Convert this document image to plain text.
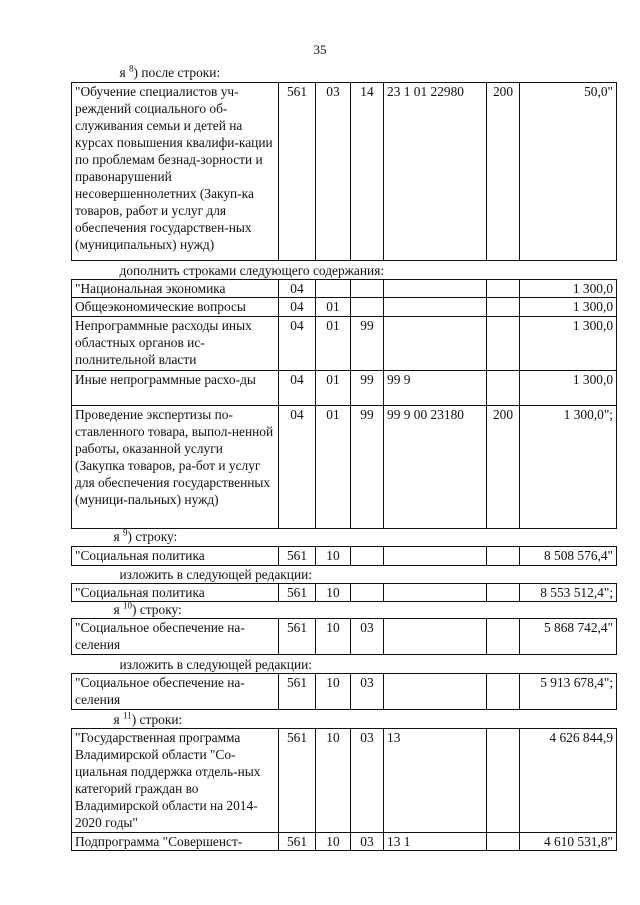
35
я $^8$) после строки:
"Обучение специалистов уч-реждений социального об-служивания семьи и детей на курсах повышения квалифи-кации по проблемам безнад-зорности и правонарушений несовершеннолетних (Закуп-ка товаров, работ и услуг для обеспечения государствен-ных (муниципальных) нужд)	561	03	14	23 1 01 22980	200	50,0"
дополнить строками следующего содержания:						
"Национальная экономика	04					1 300,0
Общеэкономические вопросы	04	01				1 300,0
Непрограммные расходы иных областных органов ис-полнительной власти	04	01	99			1 300,0
Иные непрограммные расхо-ды	04	01	99	99 9		1 300,0
Проведение экспертизы по-ставленного товара, выпол-ненной работы, оказанной услуги (Закупка товаров, ра-бот и услуг для обеспечения государственных (муници-пальных) нужд)	04	01	99	99 9 00 23180	200	1 300,0";
я $^9$) строку:
"Социальная политика	561	10				8 508 576,4"
изложить в следующей редакции:
"Социальная политика	561	10				8 553 512,4";
я $^{10}$) строку:
"Социальное обеспечение на-селения	561	10	03			5 868 742,4"
изложить в следующей редакции:
"Социальное обеспечение на-селения	561	10	03			5 913 678,4";
я $^{11}$) строки:						
"Государственная программа Владимирской области "Со-циальная поддержка отдель-ных категорий граждан во Владимирской области на 2014-2020 годы"	561	10	03	13		4 626 844,9
Подпрограмма "Совершенст-	561	10	03	13 1		4 610 531,8"
